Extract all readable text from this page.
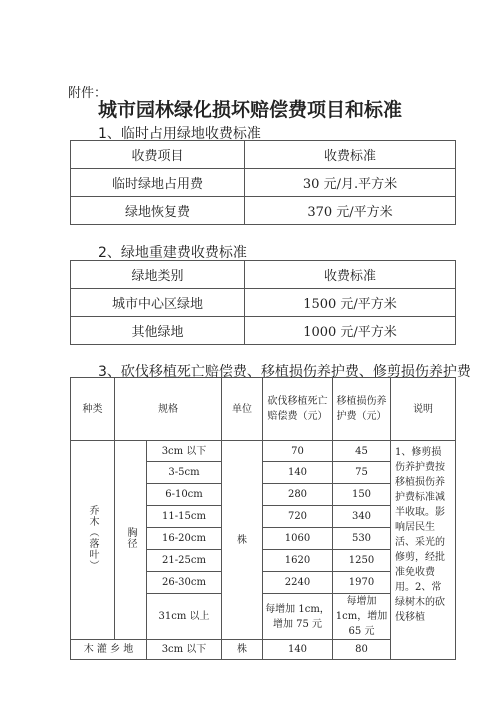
附件：
城市园林绿化损坏赔偿费项目和标准
1、临时占用绿地收费标准
收费项目	收费标准
临时绿地占用费	30 元/月.平方米
绿地恢复费	370 元/平方米
2、绿地重建费收费标准
绿地类别	收费标准
城市中心区绿地	1500 元/平方米
其他绿地	1000 元/平方米
3、砍伐移植死亡赔偿费、移植损伤养护费、修剪损伤养护费
种类	规格		单位	砍伐移植死亡赔偿费（元）	移植损伤养护费（元）	说明
乔木（落叶）	胸径	3cm 以下	株	70	45	1、修剪损伤养护费按移植损伤养护费标准减半收取。影响居民生活、采光的修剪，经批准免收费用。2、常绿树木的砍伐移植
		3-5cm		140	75	
		6-10cm		280	150	
		11-15cm		720	340	
		16-20cm		1060	530	
		21-25cm		1620	1250	
		26-30cm		2240	1970	
		31cm 以上		每增加 1cm，增加 75 元	每增加 1cm，增加 65 元	
木 灌 乡 地		3cm 以下	株	140	80	
